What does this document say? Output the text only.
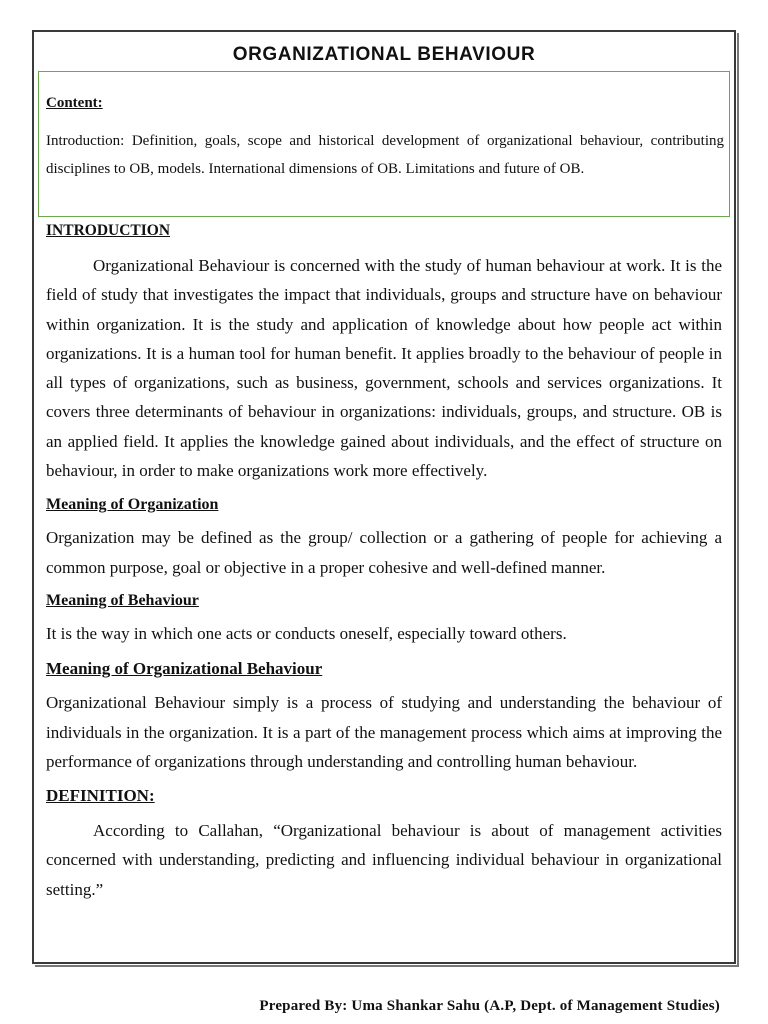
ORGANIZATIONAL BEHAVIOUR
Content:
Introduction: Definition, goals, scope and historical development of organizational behaviour, contributing disciplines to OB, models. International dimensions of OB. Limitations and future of OB.

INTRODUCTION

Organizational Behaviour is concerned with the study of human behaviour at work. It is the field of study that investigates the impact that individuals, groups and structure have on behaviour within organization. It is the study and application of knowledge about how people act within organizations. It is a human tool for human benefit. It applies broadly to the behaviour of people in all types of organizations, such as business, government, schools and services organizations. It covers three determinants of behaviour in organizations: individuals, groups, and structure. OB is an applied field. It applies the knowledge gained about individuals, and the effect of structure on behaviour, in order to make organizations work more effectively.

Meaning of Organization

Organization may be defined as the group/ collection or a gathering of people for achieving a common purpose, goal or objective in a proper cohesive and well-defined manner.

Meaning of Behaviour

It is the way in which one acts or conducts oneself, especially toward others.

Meaning of Organizational Behaviour

Organizational Behaviour simply is a process of studying and understanding the behaviour of individuals in the organization. It is a part of the management process which aims at improving the performance of organizations through understanding and controlling human behaviour.

DEFINITION:

According to Callahan, “Organizational behaviour is about of management activities concerned with understanding, predicting and influencing individual behaviour in organizational setting.”

Prepared By: Uma Shankar Sahu (A.P, Dept. of Management Studies)
